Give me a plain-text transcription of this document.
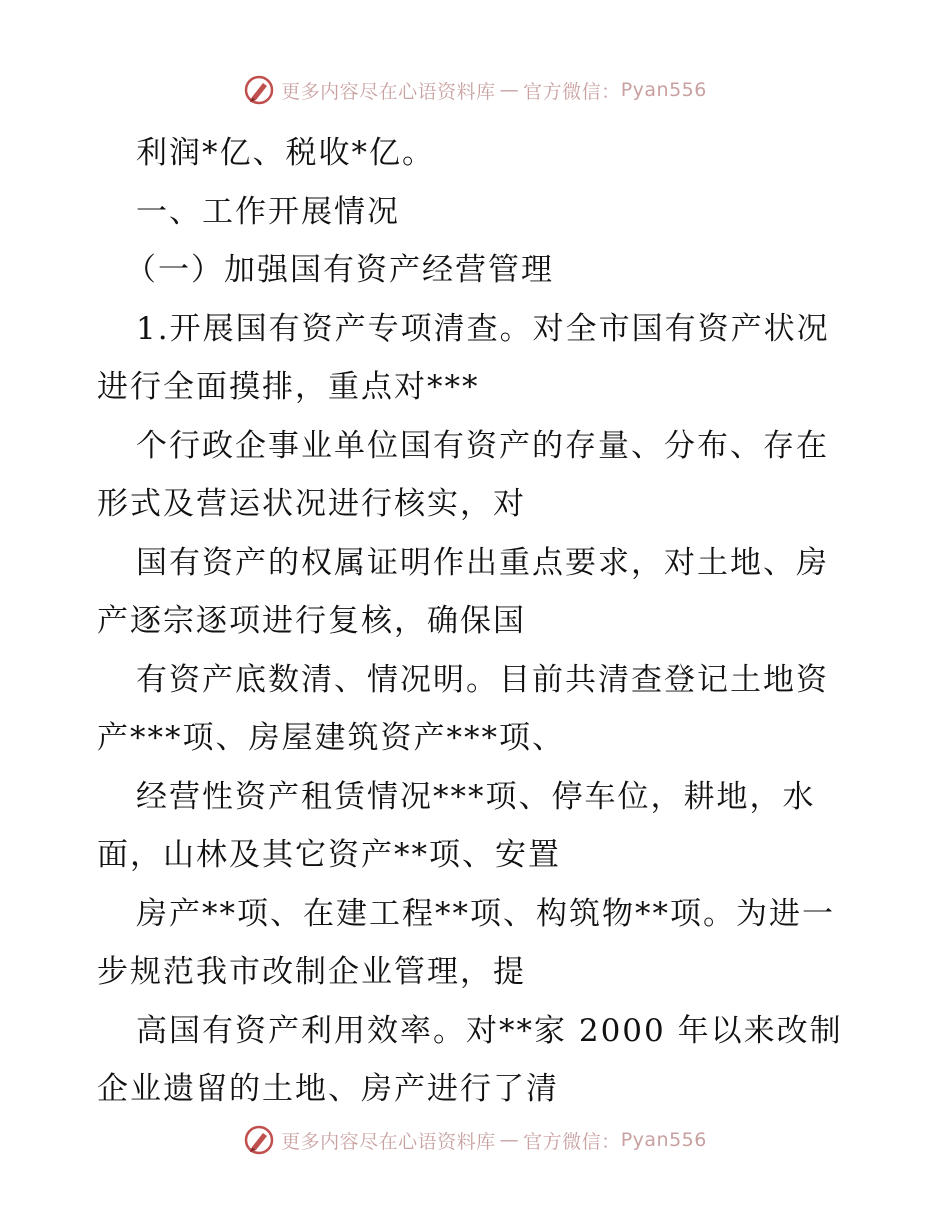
更多内容尽在心语资料库 — 官方微信： Pyan556
利润*亿、税收*亿。
一、工作开展情况
（一）加强国有资产经营管理
1.开展国有资产专项清查。对全市国有资产状况
进行全面摸排，重点对***
个行政企事业单位国有资产的存量、分布、存在
形式及营运状况进行核实，对
国有资产的权属证明作出重点要求，对土地、房
产逐宗逐项进行复核，确保国
有资产底数清、情况明。目前共清查登记土地资
产***项、房屋建筑资产***项、
经营性资产租赁情况***项、停车位，耕地，水
面，山林及其它资产**项、安置
房产**项、在建工程**项、构筑物**项。为进一
步规范我市改制企业管理，提
高国有资产利用效率。对**家 2000 年以来改制
企业遗留的土地、房产进行了清
更多内容尽在心语资料库 — 官方微信： Pyan556
